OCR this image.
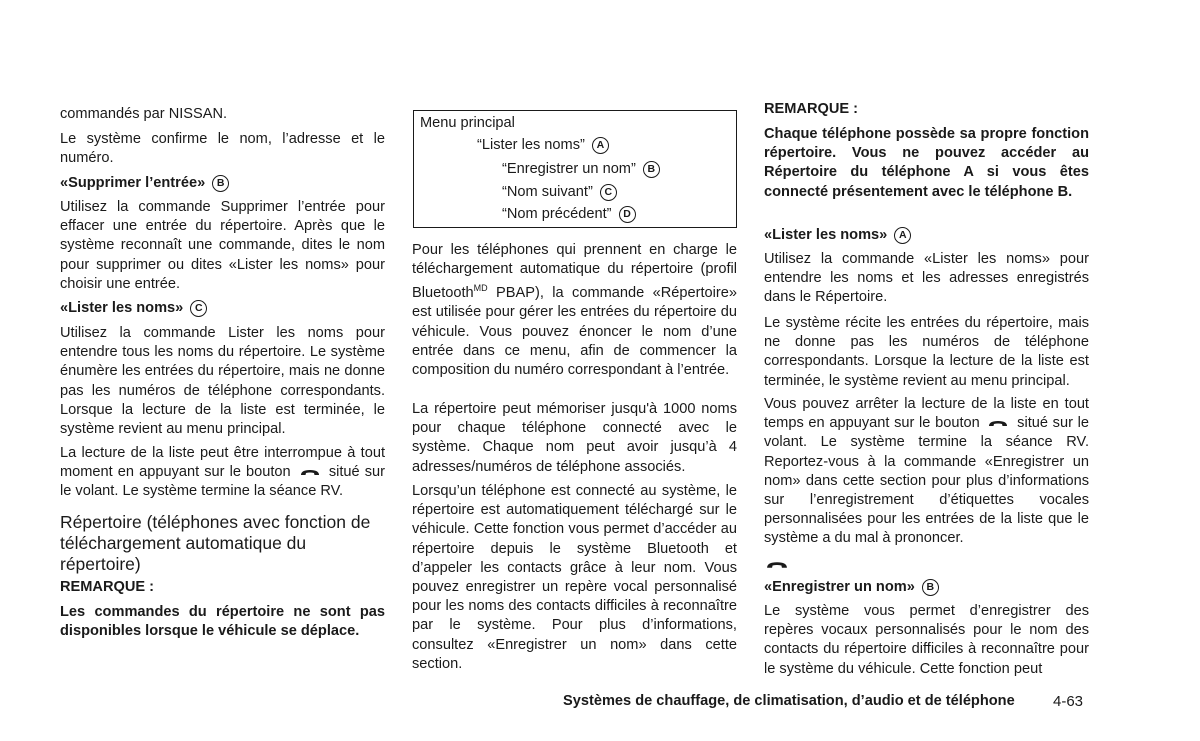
commandés par NISSAN.

Le système confirme le nom, l’adresse et le numéro.

«Supprimer l’entrée» B

Utilisez la commande Supprimer l’entrée pour effacer une entrée du répertoire. Après que le système reconnaît une commande, dites le nom pour supprimer ou dites «Lister les noms» pour choisir une entrée.

«Lister les noms» C

Utilisez la commande Lister les noms pour entendre tous les noms du répertoire. Le système énumère les entrées du répertoire, mais ne donne pas les numéros de téléphone correspondants. Lorsque la lecture de la liste est terminée, le système revient au menu principal.

La lecture de la liste peut être interrompue à tout moment en appuyant sur le bouton	situé sur le volant. Le système termine la séance RV.

Répertoire (téléphones avec fonction de téléchargement automatique du répertoire)

REMARQUE :

Les commandes du répertoire ne sont pas disponibles lorsque le véhicule se déplace.

Menu principal
“Lister les noms” A
“Enregistrer un nom” B
“Nom suivant” C
“Nom précédent” D

Pour les téléphones qui prennent en charge le téléchargement automatique du répertoire (profil Bluetooth$^{MD}$ PBAP), la commande «Répertoire» est utilisée pour gérer les entrées du répertoire du véhicule. Vous pouvez énoncer le nom d’une entrée dans ce menu, afin de commencer la composition du numéro correspondant à l’entrée.

La répertoire peut mémoriser jusqu'à 1000 noms pour chaque téléphone connecté avec le système. Chaque nom peut avoir jusqu’à 4 adresses/numéros de téléphone associés.

Lorsqu’un téléphone est connecté au système, le répertoire est automatiquement téléchargé sur le véhicule. Cette fonction vous permet d’accéder au répertoire depuis le système Bluetooth et d’appeler les contacts grâce à leur nom. Vous pouvez enregistrer un repère vocal personnalisé pour les noms des contacts difficiles à reconnaître par le système. Pour plus d’informations, consultez «Enregistrer un nom» dans cette section.

REMARQUE :

Chaque téléphone possède sa propre fonction répertoire. Vous ne pouvez accéder au Répertoire du téléphone A si vous êtes connecté présentement avec le téléphone B.

«Lister les noms» A

Utilisez la commande «Lister les noms» pour entendre les noms et les adresses enregistrés dans le Répertoire.

Le système récite les entrées du répertoire, mais ne donne pas les numéros de téléphone correspondants. Lorsque la lecture de la liste est terminée, le système revient au menu principal.

Vous pouvez arrêter la lecture de la liste en tout temps en appuyant sur le bouton	situé sur le volant. Le système termine la séance RV. Reportez-vous à la commande «Enregistrer un nom» dans cette section pour plus d’informations sur l’enregistrement d’étiquettes vocales personnalisées pour les entrées de la liste que le système a du mal à prononcer.

«Enregistrer un nom» B

Le système vous permet d’enregistrer des repères vocaux personnalisés pour le nom des contacts du répertoire difficiles à reconnaître pour le système du véhicule. Cette fonction peut

Systèmes de chauffage, de climatisation, d’audio et de téléphone	4-63
